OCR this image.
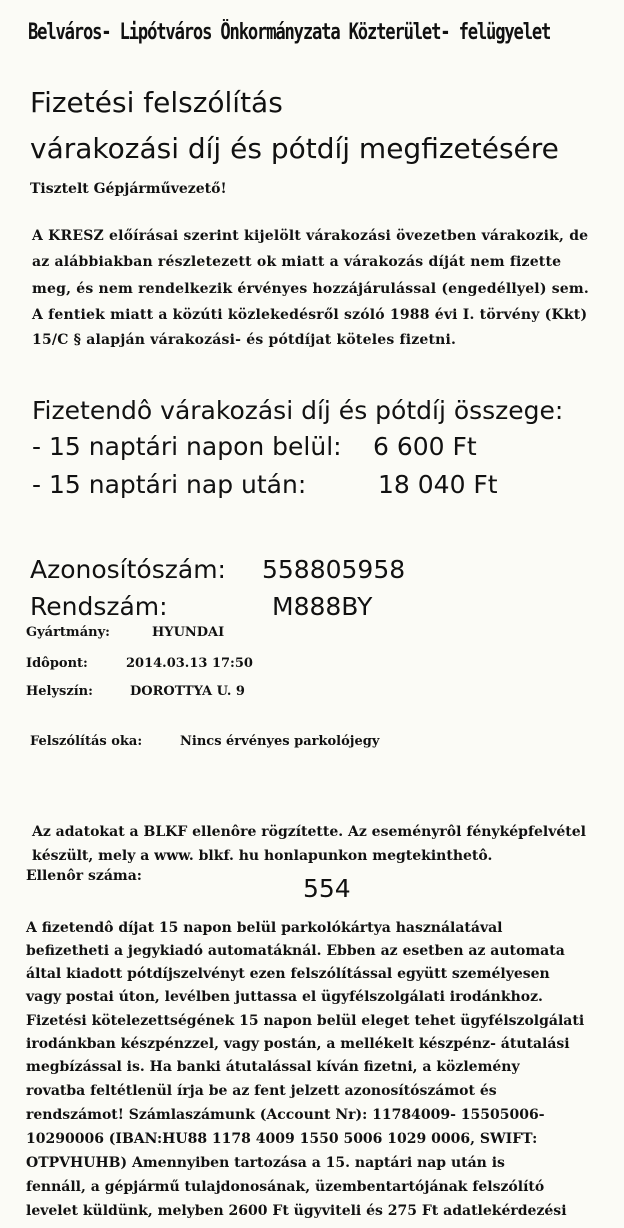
Belváros- Lipótváros Önkormányzata Közterület- felügyelet
Fizetési felszólítás
várakozási díj és pótdíj megfizetésére
Tisztelt Gépjárművezető!
A KRESZ előírásai szerint kijelölt várakozási övezetben várakozik, de
az alábbiakban részletezett ok miatt a várakozás díját nem fizette
meg, és nem rendelkezik érvényes hozzájárulással (engedéllyel) sem.
A fentiek miatt a közúti közlekedésről szóló 1988 évi I. törvény (Kkt)
15/C § alapján várakozási- és pótdíjat köteles fizetni.
Fizetendô várakozási díj és pótdíj összege:
- 15 naptári napon belül: 6 600 Ft
- 15 naptári nap után:	18 040 Ft
Azonosítószám: 558805958
Rendszám:	M888BY
Gyártmány:	HYUNDAI
Idôpont:	2014.03.13 17:50
Helyszín:	DOROTTYA U. 9
Felszólítás oka:	Nincs érvényes parkolójegy
Az adatokat a BLKF ellenôre rögzítette. Az eseményrôl fényképfelvétel
készült, mely a www. blkf. hu honlapunkon megtekinthetô.
Ellenôr száma:	554
A fizetendô díjat 15 napon belül parkolókártya használatával
befizetheti a jegykiadó automatáknál. Ebben az esetben az automata
által kiadott pótdíjszelvényt ezen felszólítással együtt személyesen
vagy postai úton, levélben juttassa el ügyfélszolgálati irodánkhoz.
Fizetési kötelezettségének 15 napon belül eleget tehet ügyfélszolgálati
irodánkban készpénzzel, vagy postán, a mellékelt készpénz- átutalási
megbízással is. Ha banki átutalással kíván fizetni, a közlemény
rovatba feltétlenül írja be az fent jelzett azonosítószámot és
rendszámot! Számlaszámunk (Account Nr): 11784009- 15505006-
10290006 (IBAN:HU88 1178 4009 1550 5006 1029 0006, SWIFT:
OTPVHUHB) Amennyiben tartozása a 15. naptári nap után is
fennáll, a gépjármű tulajdonosának, üzembentartójának felszólító
levelet küldünk, melyben 2600 Ft ügyviteli és 275 Ft adatlekérdezési
